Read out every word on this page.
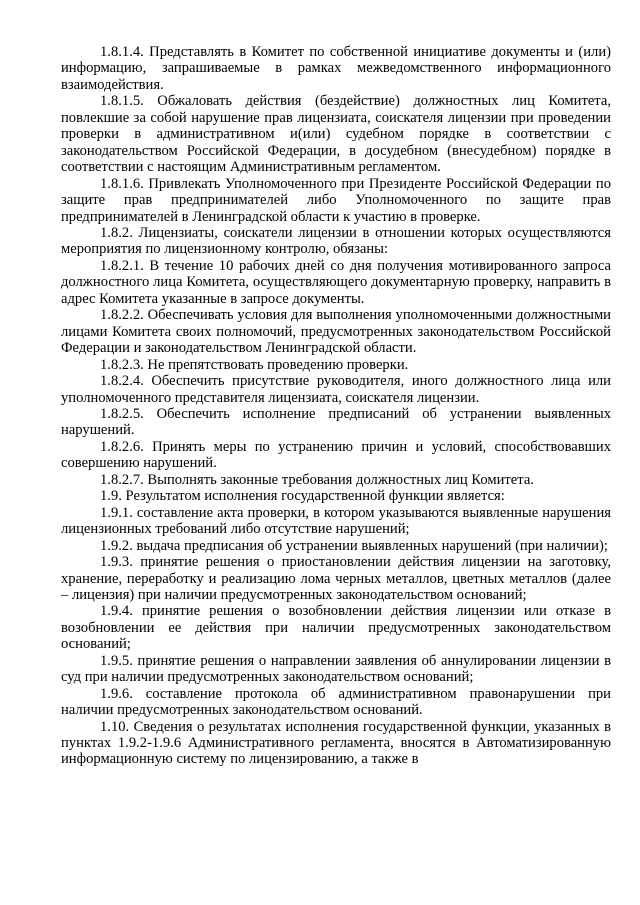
1.8.1.4. Представлять в Комитет по собственной инициативе документы и (или) информацию, запрашиваемые в рамках межведомственного информационного взаимодействия.

1.8.1.5. Обжаловать действия (бездействие) должностных лиц Комитета, повлекшие за собой нарушение прав лицензиата, соискателя лицензии при проведении проверки в административном и(или) судебном порядке в соответствии с законодательством Российской Федерации, в досудебном (внесудебном) порядке в соответствии с настоящим Административным регламентом.

1.8.1.6. Привлекать Уполномоченного при Президенте Российской Федерации по защите прав предпринимателей либо Уполномоченного по защите прав предпринимателей в Ленинградской области к участию в проверке.

1.8.2. Лицензиаты, соискатели лицензии в отношении которых осуществляются мероприятия по лицензионному контролю, обязаны:

1.8.2.1. В течение 10 рабочих дней со дня получения мотивированного запроса должностного лица Комитета, осуществляющего документарную проверку, направить в адрес Комитета указанные в запросе документы.

1.8.2.2. Обеспечивать условия для выполнения уполномоченными должностными лицами Комитета своих полномочий, предусмотренных законодательством Российской Федерации и законодательством Ленинградской области.

1.8.2.3. Не препятствовать проведению проверки.

1.8.2.4. Обеспечить присутствие руководителя, иного должностного лица или уполномоченного представителя лицензиата, соискателя лицензии.

1.8.2.5. Обеспечить исполнение предписаний об устранении выявленных нарушений.

1.8.2.6. Принять меры по устранению причин и условий, способствовавших совершению нарушений.

1.8.2.7. Выполнять законные требования должностных лиц Комитета.

1.9. Результатом исполнения государственной функции является:

1.9.1. составление акта проверки, в котором указываются выявленные нарушения лицензионных требований либо отсутствие нарушений;

1.9.2. выдача предписания об устранении выявленных нарушений (при наличии);

1.9.3. принятие решения о приостановлении действия лицензии на заготовку, хранение, переработку и реализацию лома черных металлов, цветных металлов (далее – лицензия) при наличии предусмотренных законодательством оснований;

1.9.4. принятие решения о возобновлении действия лицензии или отказе в возобновлении ее действия при наличии предусмотренных законодательством оснований;

1.9.5. принятие решения о направлении заявления об аннулировании лицензии в суд при наличии предусмотренных законодательством оснований;

1.9.6. составление протокола об административном правонарушении при наличии предусмотренных законодательством оснований.

1.10. Сведения о результатах исполнения государственной функции, указанных в пунктах 1.9.2-1.9.6 Административного регламента, вносятся в Автоматизированную информационную систему по лицензированию, а также в
